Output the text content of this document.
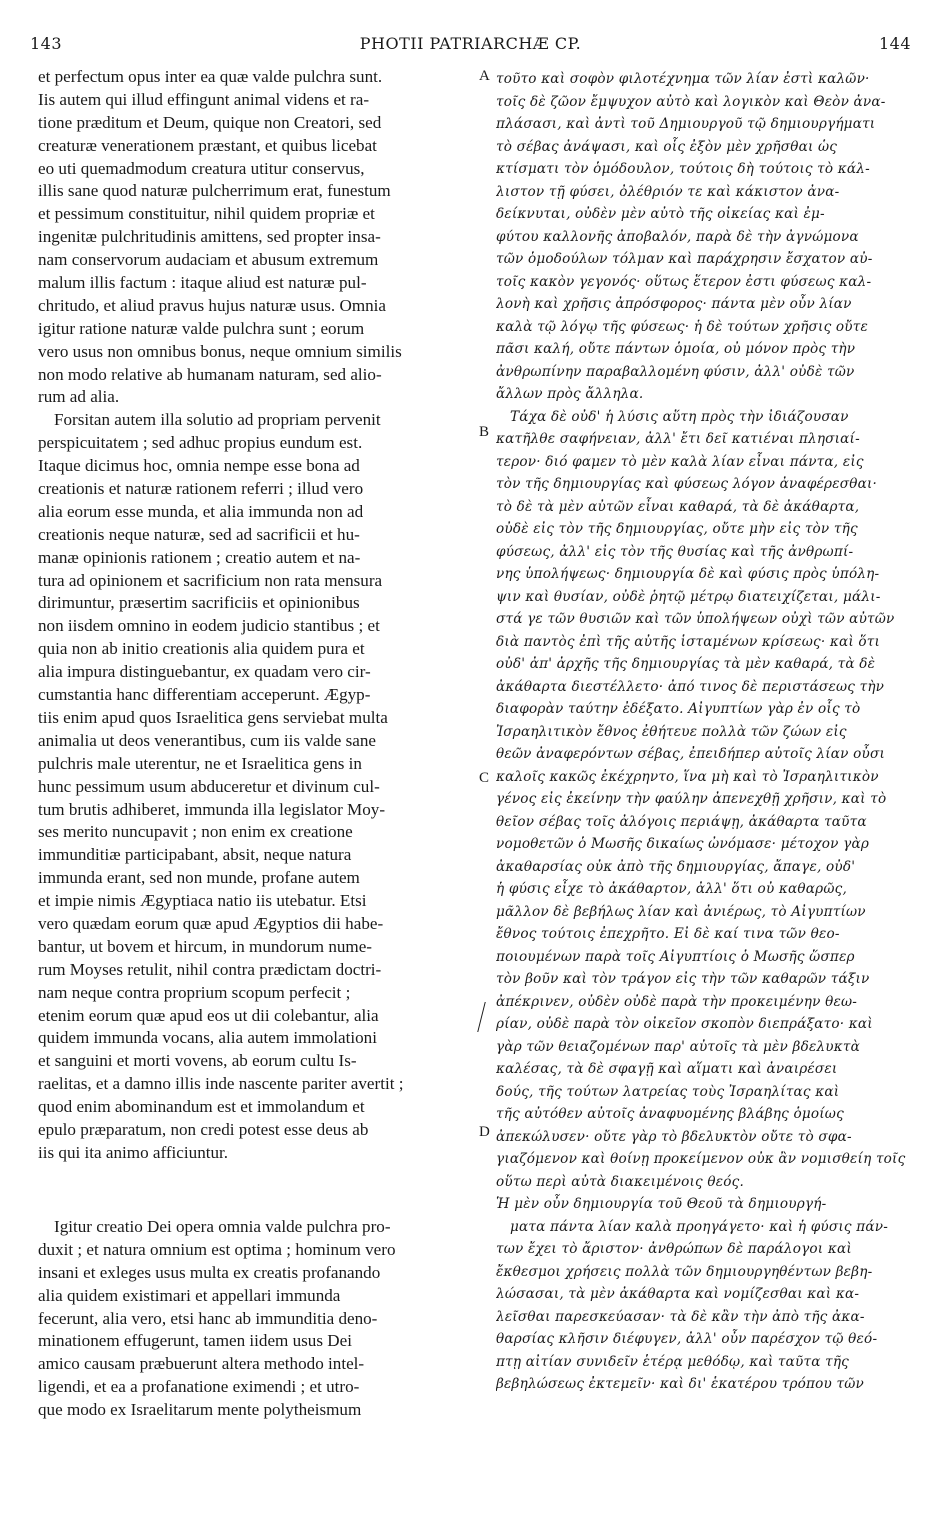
143	PHOTII PATRIARCHÆ CP.	144
et perfectum opus inter ea quæ valde pulchra sunt.
Iis autem qui illud effingunt animal videns et ra-
tione præditum et Deum, quique non Creatori, sed
creaturæ venerationem præstant, et quibus licebat
eo uti quemadmodum creatura utitur conservus,
illis sane quod naturæ pulcherrimum erat, funestum
et pessimum constituitur, nihil quidem propriæ et
ingenitæ pulchritudinis amittens, sed propter insa-
nam conservorum audaciam et abusum extremum
malum illis factum : itaque aliud est naturæ pul-
chritudo, et aliud pravus hujus naturæ usus. Omnia
igitur ratione naturæ valde pulchra sunt ; eorum
vero usus non omnibus bonus, neque omnium similis
non modo relative ab humanam naturam, sed alio-
rum ad alia.
Forsitan autem illa solutio ad propriam pervenit
perspicuitatem ; sed adhuc propius eundum est.
Itaque dicimus hoc, omnia nempe esse bona ad
creationis et naturæ rationem referri ; illud vero
alia eorum esse munda, et alia immunda non ad
creationis neque naturæ, sed ad sacrificii et hu-
manæ opinionis rationem ; creatio autem et na-
tura ad opinionem et sacrificium non rata mensura
dirimuntur, præsertim sacrificiis et opinionibus
non iisdem omnino in eodem judicio stantibus ; et
quia non ab initio creationis alia quidem pura et
alia impura distinguebantur, ex quadam vero cir-
cumstantia hanc differentiam acceperunt. Ægyp-
tiis enim apud quos Israelitica gens serviebat multa
animalia ut deos venerantibus, cum iis valde sane
pulchris male uterentur, ne et Israelitica gens in
hunc pessimum usum abduceretur et divinum cul-
tum brutis adhiberet, immunda illa legislator Moy-
ses merito nuncupavit ; non enim ex creatione
immunditiæ participabant, absit, neque natura
immunda erant, sed non munde, profane autem
et impie nimis Ægyptiaca natio iis utebatur. Etsi
vero quædam eorum quæ apud Ægyptios dii habe-
bantur, ut bovem et hircum, in mundorum nume-
rum Moyses retulit, nihil contra prædictam doctri-
nam neque contra proprium scopum perfecit ;
etenim eorum quæ apud eos ut dii colebantur, alia
quidem immunda vocans, alia autem immolationi
et sanguini et morti vovens, ab eorum cultu Is-
raelitas, et a damno illis inde nascente pariter avertit ;
quod enim abominandum est et immolandum et
epulo præparatum, non credi potest esse deus ab
iis qui ita animo afficiuntur.
Igitur creatio Dei opera omnia valde pulchra pro-
duxit ; et natura omnium est optima ; hominum vero
insani et exleges usus multa ex creatis profanando
alia quidem existimari et appellari immunda
fecerunt, alia vero, etsi hanc ab immunditia deno-
minationem effugerunt, tamen iidem usus Dei
amico causam præbuerunt altera methodo intel-
ligendi, et ea a profanatione eximendi ; et utro-
que modo ex Israelitarum mente polytheismum
τοῦτο καὶ σοφὸν φιλοτέχνημα τῶν λίαν ἐστὶ καλῶν·
τοῖς δὲ ζῶον ἔμψυχον αὐτὸ καὶ λογικὸν καὶ Θεὸν ἀνα-
πλάσασι, καὶ ἀντὶ τοῦ Δημιουργοῦ τῷ δημιουργήματι
τὸ σέβας ἀνάψασι, καὶ οἷς ἐξὸν μὲν χρῆσθαι ὡς
κτίσματι τὸν ὁμόδουλον, τούτοις δὴ τούτοις τὸ κάλ-
λιστον τῇ φύσει, ὀλέθριόν τε καὶ κάκιστον ἀνα-
δείκνυται, οὐδὲν μὲν αὐτὸ τῆς οἰκείας καὶ ἐμ-
φύτου καλλονῆς ἀποβαλόν, παρὰ δὲ τὴν ἀγνώμονα
τῶν ὁμοδούλων τόλμαν καὶ παράχρησιν ἔσχατον αὐ-
τοῖς κακὸν γεγονός· οὕτως ἕτερον ἐστι φύσεως καλ-
λονὴ καὶ χρῆσις ἀπρόσφορος· πάντα μὲν οὖν λίαν
καλὰ τῷ λόγῳ τῆς φύσεως· ἡ δὲ τούτων χρῆσις οὔτε
πᾶσι καλή, οὔτε πάντων ὁμοία, οὐ μόνον πρὸς τὴν
ἀνθρωπίνην παραβαλλομένη φύσιν, ἀλλ' οὐδὲ τῶν
ἄλλων πρὸς ἄλληλα.
Τάχα δὲ οὐδ' ἡ λύσις αὕτη πρὸς τὴν ἰδιάζουσαν
κατῆλθε σαφήνειαν, ἀλλ' ἔτι δεῖ κατιέναι πλησιαί-
τερον· διό φαμεν τὸ μὲν καλὰ λίαν εἶναι πάντα, εἰς
τὸν τῆς δημιουργίας καὶ φύσεως λόγον ἀναφέρεσθαι·
τὸ δὲ τὰ μὲν αὐτῶν εἶναι καθαρά, τὰ δὲ ἀκάθαρτα,
οὐδὲ εἰς τὸν τῆς δημιουργίας, οὔτε μὴν εἰς τὸν τῆς
φύσεως, ἀλλ' εἰς τὸν τῆς θυσίας καὶ τῆς ἀνθρωπί-
νης ὑπολήψεως· δημιουργία δὲ καὶ φύσις πρὸς ὑπόλη-
ψιν καὶ θυσίαν, οὐδὲ ῥητῷ μέτρῳ διατειχίζεται, μάλι-
στά γε τῶν θυσιῶν καὶ τῶν ὑπολήψεων οὐχὶ τῶν αὐτῶν
διὰ παντὸς ἐπὶ τῆς αὐτῆς ἱσταμένων κρίσεως· καὶ ὅτι
οὐδ' ἀπ' ἀρχῆς τῆς δημιουργίας τὰ μὲν καθαρά, τὰ δὲ
ἀκάθαρτα διεστέλλετο· ἀπό τινος δὲ περιστάσεως τὴν
διαφορὰν ταύτην ἐδέξατο. Αἰγυπτίων γὰρ ἐν οἷς τὸ
Ἰσραηλιτικὸν ἔθνος ἐθήτευε πολλὰ τῶν ζώων εἰς
θεῶν ἀναφερόντων σέβας, ἐπειδήπερ αὐτοῖς λίαν οὖσι
καλοῖς κακῶς ἐκέχρηντο, ἵνα μὴ καὶ τὸ Ἰσραηλιτικὸν
γένος εἰς ἐκείνην τὴν φαύλην ἀπενεχθῇ χρῆσιν, καὶ τὸ
θεῖον σέβας τοῖς ἀλόγοις περιάψῃ, ἀκάθαρτα ταῦτα
νομοθετῶν ὁ Μωσῆς δικαίως ὠνόμασε· μέτοχον γὰρ
ἀκαθαρσίας οὐκ ἀπὸ τῆς δημιουργίας, ἄπαγε, οὐδ'
ἡ φύσις εἶχε τὸ ἀκάθαρτον, ἀλλ' ὅτι οὐ καθαρῶς,
μᾶλλον δὲ βεβήλως λίαν καὶ ἀνιέρως, τὸ Αἰγυπτίων
ἔθνος τούτοις ἐπεχρῆτο. Εἰ δὲ καί τινα τῶν θεο-
ποιουμένων παρὰ τοῖς Αἰγυπτίοις ὁ Μωσῆς ὥσπερ
τὸν βοῦν καὶ τὸν τράγον εἰς τὴν τῶν καθαρῶν τάξιν
ἀπέκρινεν, οὐδὲν οὐδὲ παρὰ τὴν προκειμένην θεω-
ρίαν, οὐδὲ παρὰ τὸν οἰκεῖον σκοπὸν διεπράξατο· καὶ
γὰρ τῶν θειαζομένων παρ' αὐτοῖς τὰ μὲν βδελυκτὰ
καλέσας, τὰ δὲ σφαγῇ καὶ αἵματι καὶ ἀναιρέσει
δούς, τῆς τούτων λατρείας τοὺς Ἰσραηλίτας καὶ
τῆς αὐτόθεν αὐτοῖς ἀναφυομένης βλάβης ὁμοίως
ἀπεκώλυσεν· οὔτε γὰρ τὸ βδελυκτὸν οὔτε τὸ σφα-
γιαζόμενον καὶ θοίνῃ προκείμενον οὐκ ἂν νομισθείη τοῖς
οὕτω περὶ αὐτὰ διακειμένοις θεός.
Ἡ μὲν οὖν δημιουργία τοῦ Θεοῦ τὰ δημιουργή-
ματα πάντα λίαν καλὰ προηγάγετο· καὶ ἡ φύσις πάν-
των ἔχει τὸ ἄριστον· ἀνθρώπων δὲ παράλογοι καὶ
ἔκθεσμοι χρήσεις πολλὰ τῶν δημιουργηθέντων βεβη-
λώσασαι, τὰ μὲν ἀκάθαρτα καὶ νομίζεσθαι καὶ κα-
λεῖσθαι παρεσκεύασαν· τὰ δὲ κἂν τὴν ἀπὸ τῆς ἀκα-
θαρσίας κλῆσιν διέφυγεν, ἀλλ' οὖν παρέσχον τῷ θεό-
πτῃ αἰτίαν συνιδεῖν ἑτέρᾳ μεθόδῳ, καὶ ταῦτα τῆς
βεβηλώσεως ἐκτεμεῖν· καὶ δι' ἑκατέρου τρόπου τῶν
A
B
C
D
